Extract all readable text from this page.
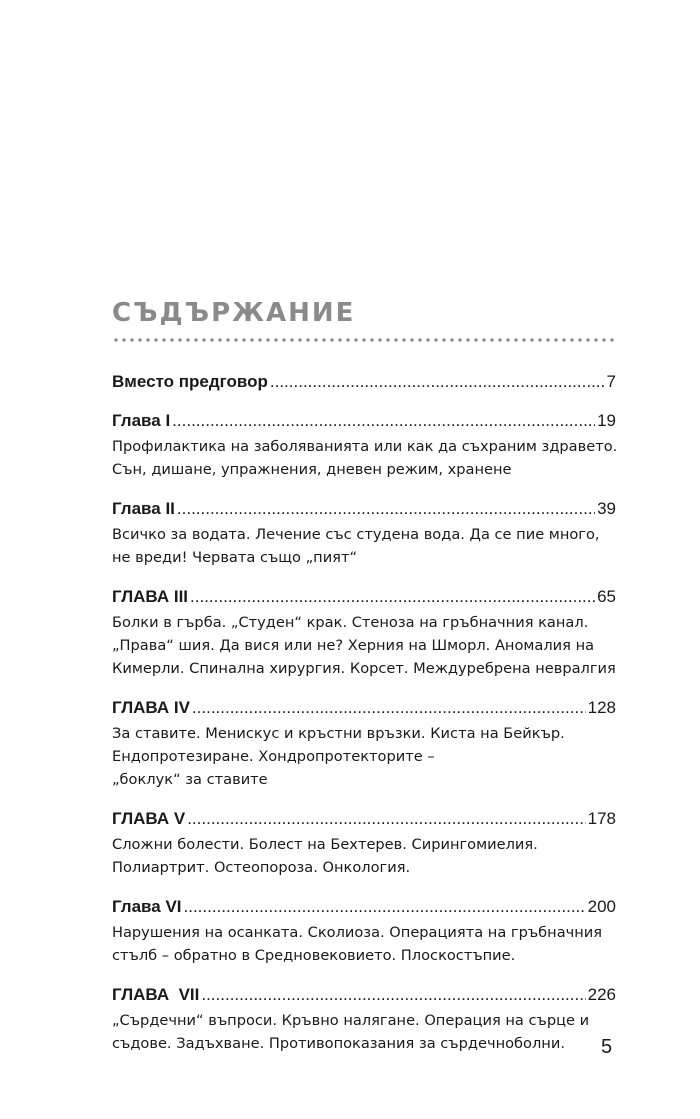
СЪДЪРЖАНИЕ
Вместо предговор .....	7
Глава I .....	19
Профилактика на заболяванията или как да съхраним здравето.
Сън, дишане, упражнения, дневен режим, хранене
Глава II .....	39
Всичко за водата. Лечение със студена вода. Да се пие много,
не вреди! Червата също „пият“
ГЛАВА III .....	65
Болки в гърба. „Студен“ крак. Стеноза на гръбначния канал.
„Права“ шия. Да вися или не? Херния на Шморл. Аномалия на
Кимерли. Спинална хирургия. Корсет. Междуребрена невралгия
ГЛАВА IV .....	128
За ставите. Менискус и кръстни връзки. Киста на Бейкър.
Ендопротезиране. Хондропротекторите –
„боклук“ за ставите
ГЛАВА V .....	178
Сложни болести. Болест на Бехтерев. Сирингомиелия.
Полиартрит. Остеопороза. Онкология.
Глава VI .....	200
Нарушения на осанката. Сколиоза. Операцията на гръбначния
стълб – обратно в Средновековието. Плоскостъпие.
ГЛАВА  VII .....	226
„Сърдечни“ въпроси. Кръвно налягане. Операция на сърце и
съдове. Задъхване. Противопоказания за сърдечноболни.	5
